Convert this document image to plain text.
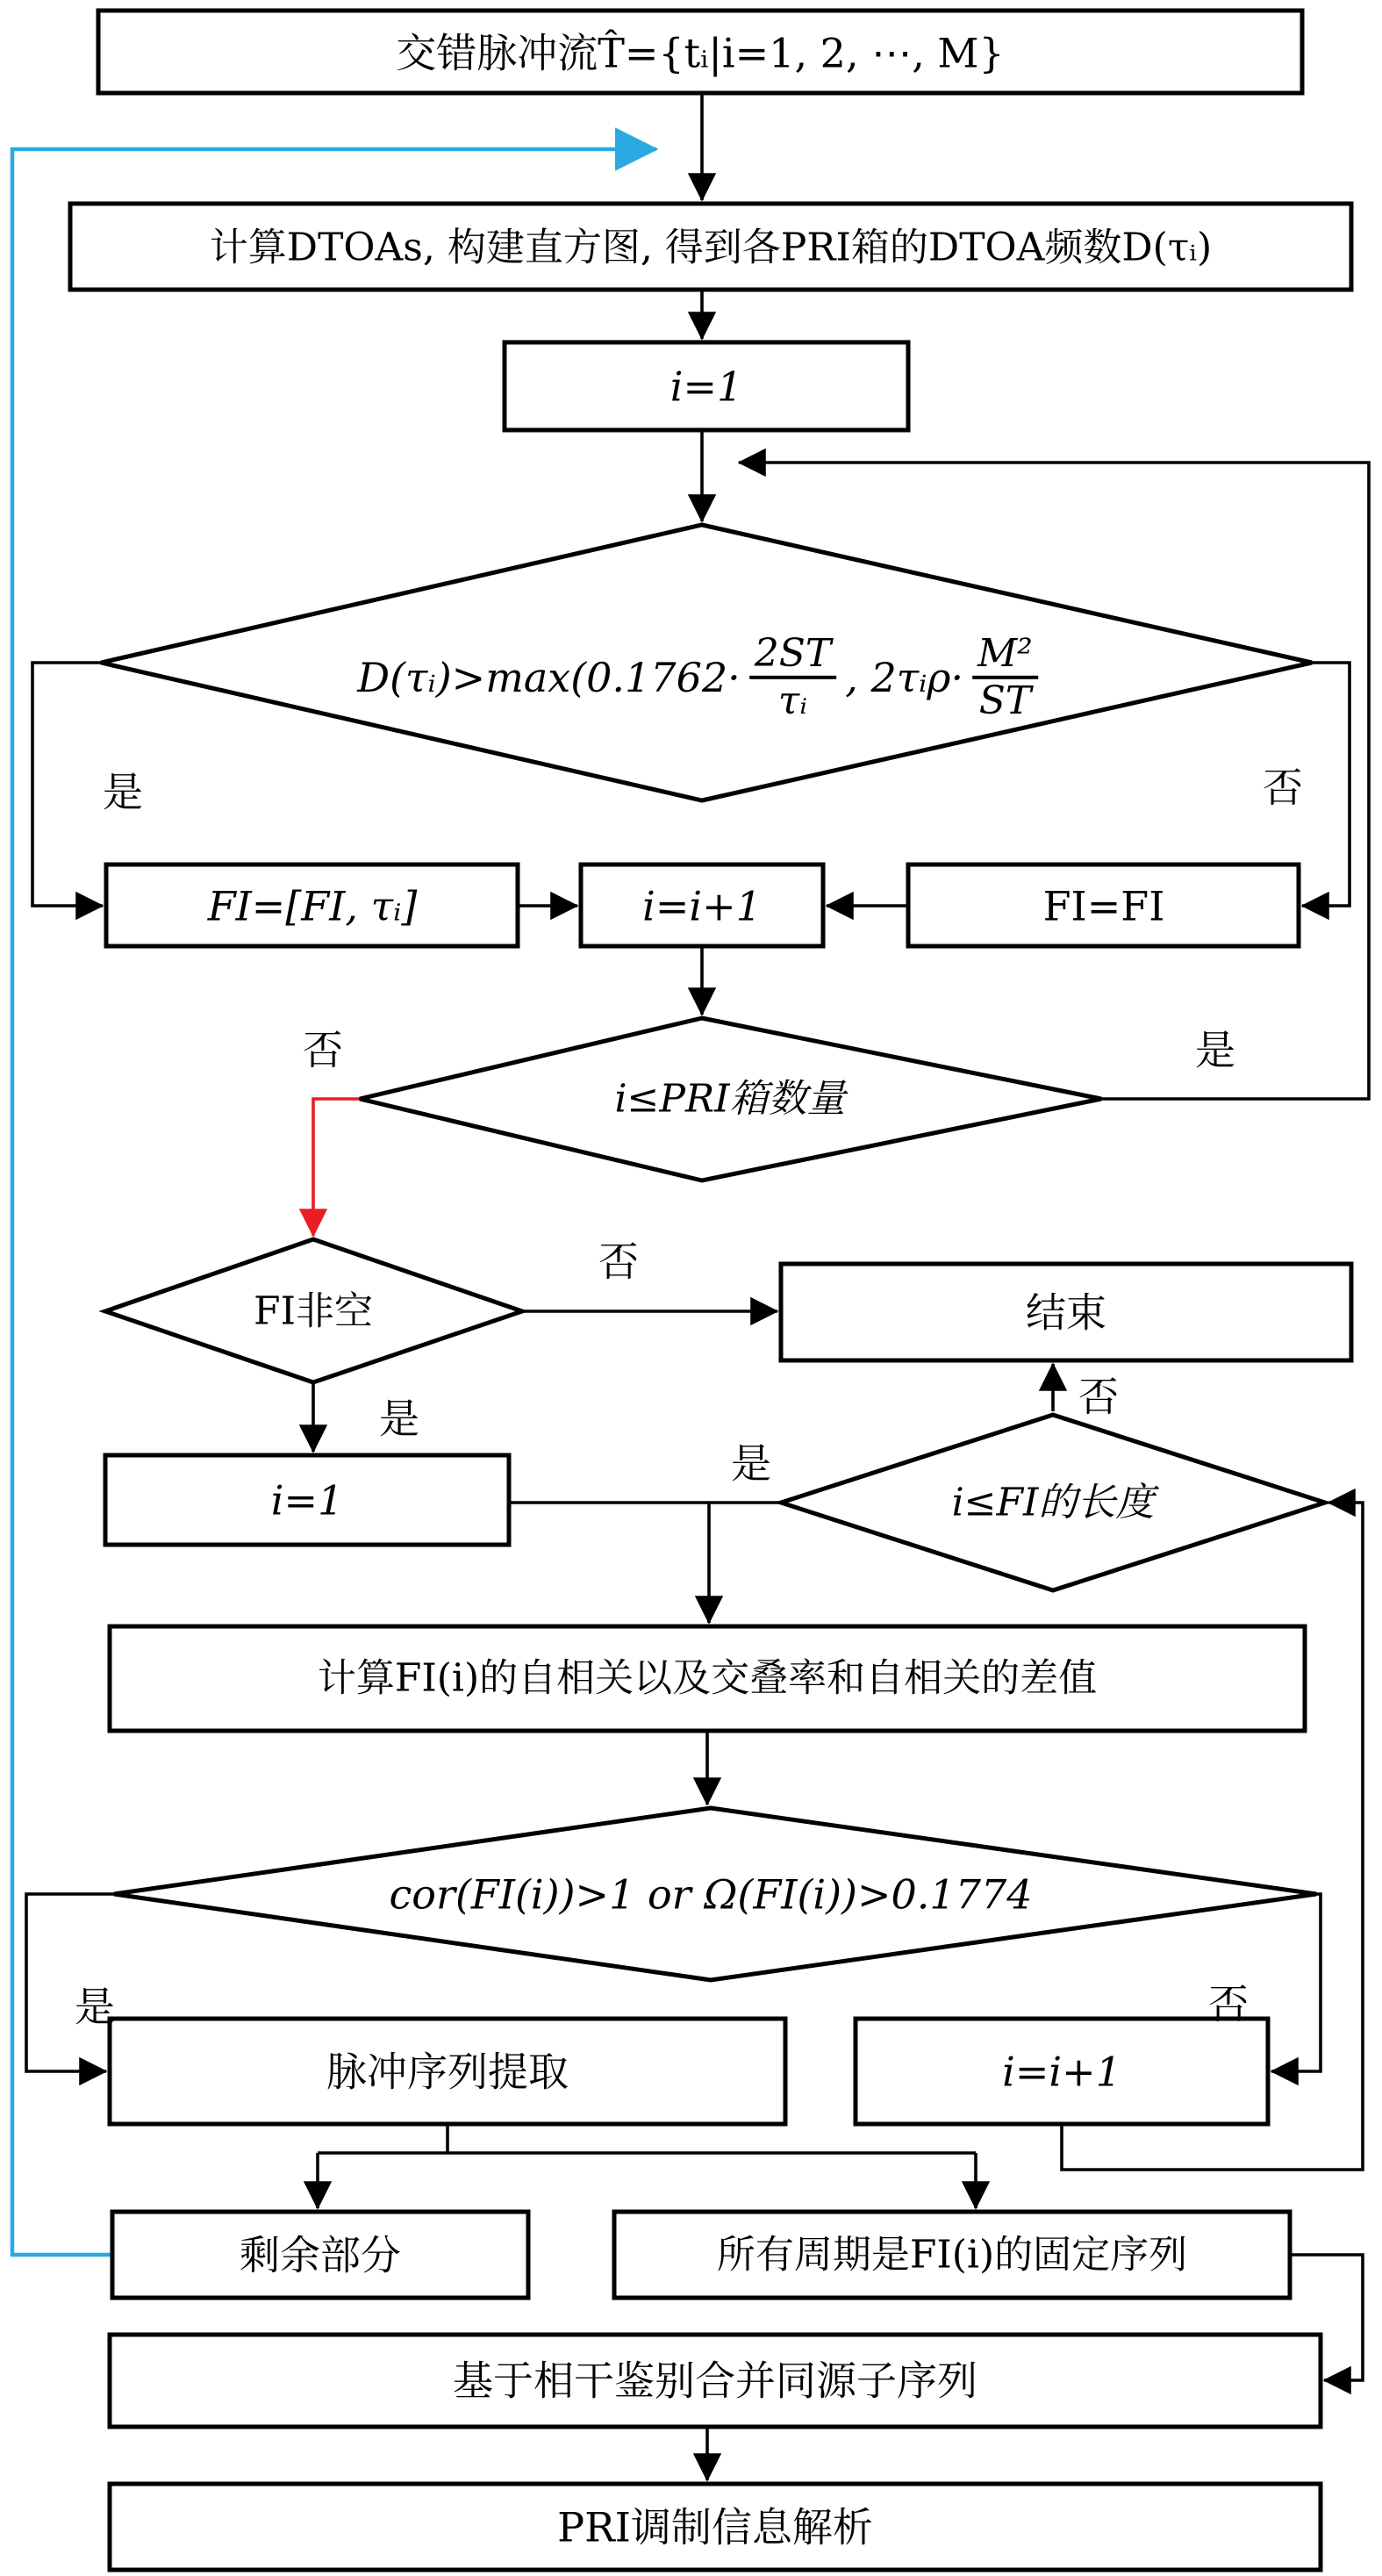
交错脉冲流T̂={tᵢ|i=1, 2, ⋯, M}
计算DTOAs, 构建直方图, 得到各PRI箱的DTOA频数D(τᵢ)
i=1
D(τᵢ)>max(0.1762· $\frac{2ST}{\text{τᵢ}}$ , 2τᵢρ· $\frac{\text{M²}}{ST}$
FI=[FI, τᵢ]	i=i+1	FI=FI
i≤PRI箱数量
FI非空	结束
i=1	i≤FI的长度
计算FI(i)的自相关以及交叠率和自相关的差值
cor(FI(i))>1 or Ω(FI(i))>0.1774
脉冲序列提取	i=i+1
剩余部分	所有周期是FI(i)的固定序列
基于相干鉴别合并同源子序列
PRI调制信息解析
是	否
否	是
否
是	否
是
是	否
